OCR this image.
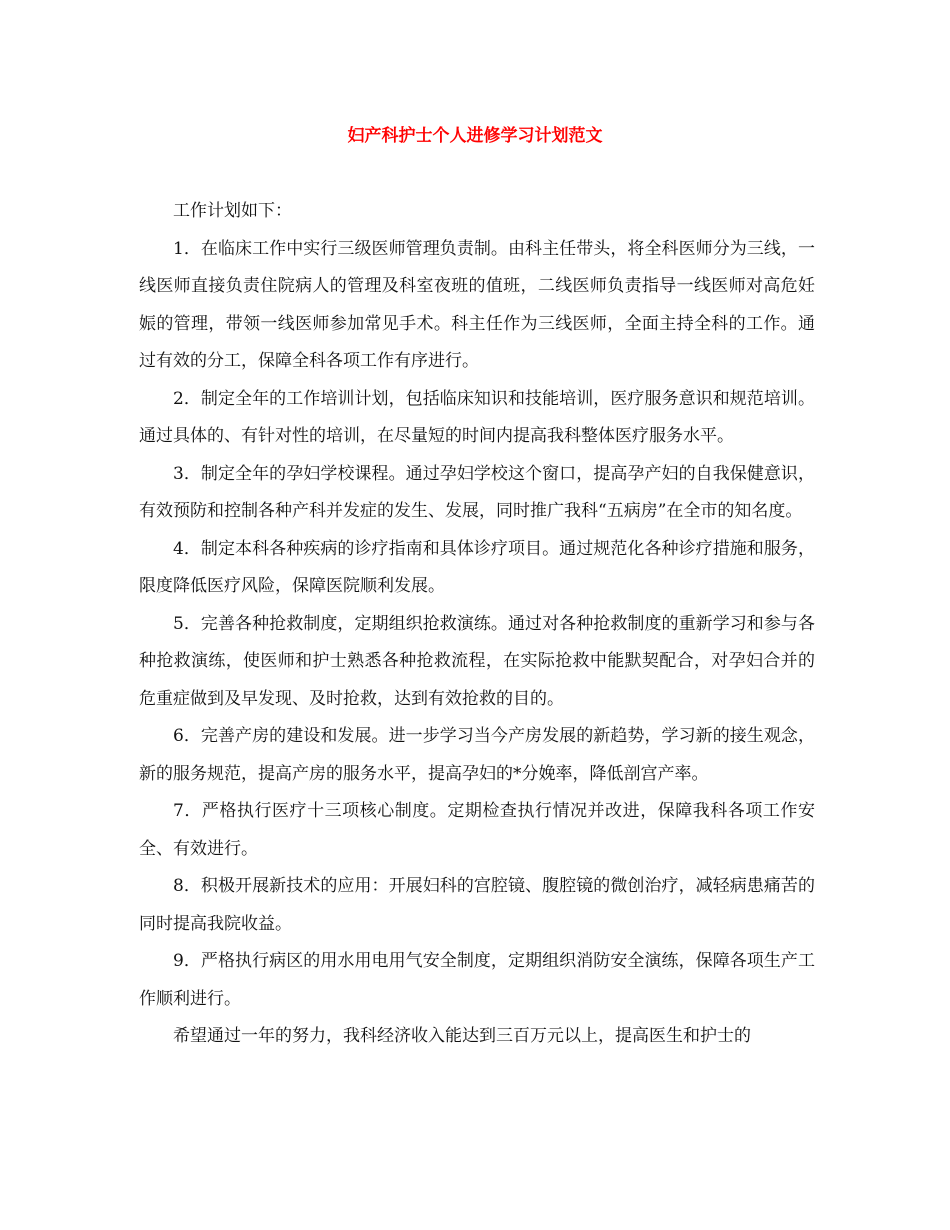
妇产科护士个人进修学习计划范文

工作计划如下：

1．在临床工作中实行三级医师管理负责制。由科主任带头，将全科医师分为三线，一线医师直接负责住院病人的管理及科室夜班的值班，二线医师负责指导一线医师对高危妊娠的管理，带领一线医师参加常见手术。科主任作为三线医师，全面主持全科的工作。通过有效的分工，保障全科各项工作有序进行。

2．制定全年的工作培训计划，包括临床知识和技能培训，医疗服务意识和规范培训。通过具体的、有针对性的培训，在尽量短的时间内提高我科整体医疗服务水平。

3．制定全年的孕妇学校课程。通过孕妇学校这个窗口，提高孕产妇的自我保健意识，有效预防和控制各种产科并发症的发生、发展，同时推广我科“五病房”在全市的知名度。

4．制定本科各种疾病的诊疗指南和具体诊疗项目。通过规范化各种诊疗措施和服务，限度降低医疗风险，保障医院顺利发展。

5．完善各种抢救制度，定期组织抢救演练。通过对各种抢救制度的重新学习和参与各种抢救演练，使医师和护士熟悉各种抢救流程，在实际抢救中能默契配合，对孕妇合并的危重症做到及早发现、及时抢救，达到有效抢救的目的。

6．完善产房的建设和发展。进一步学习当今产房发展的新趋势，学习新的接生观念，新的服务规范，提高产房的服务水平，提高孕妇的*分娩率，降低剖宫产率。

7．严格执行医疗十三项核心制度。定期检查执行情况并改进，保障我科各项工作安全、有效进行。

8．积极开展新技术的应用：开展妇科的宫腔镜、腹腔镜的微创治疗，减轻病患痛苦的同时提高我院收益。

9．严格执行病区的用水用电用气安全制度，定期组织消防安全演练，保障各项生产工作顺利进行。

希望通过一年的努力，我科经济收入能达到三百万元以上，提高医生和护士的
